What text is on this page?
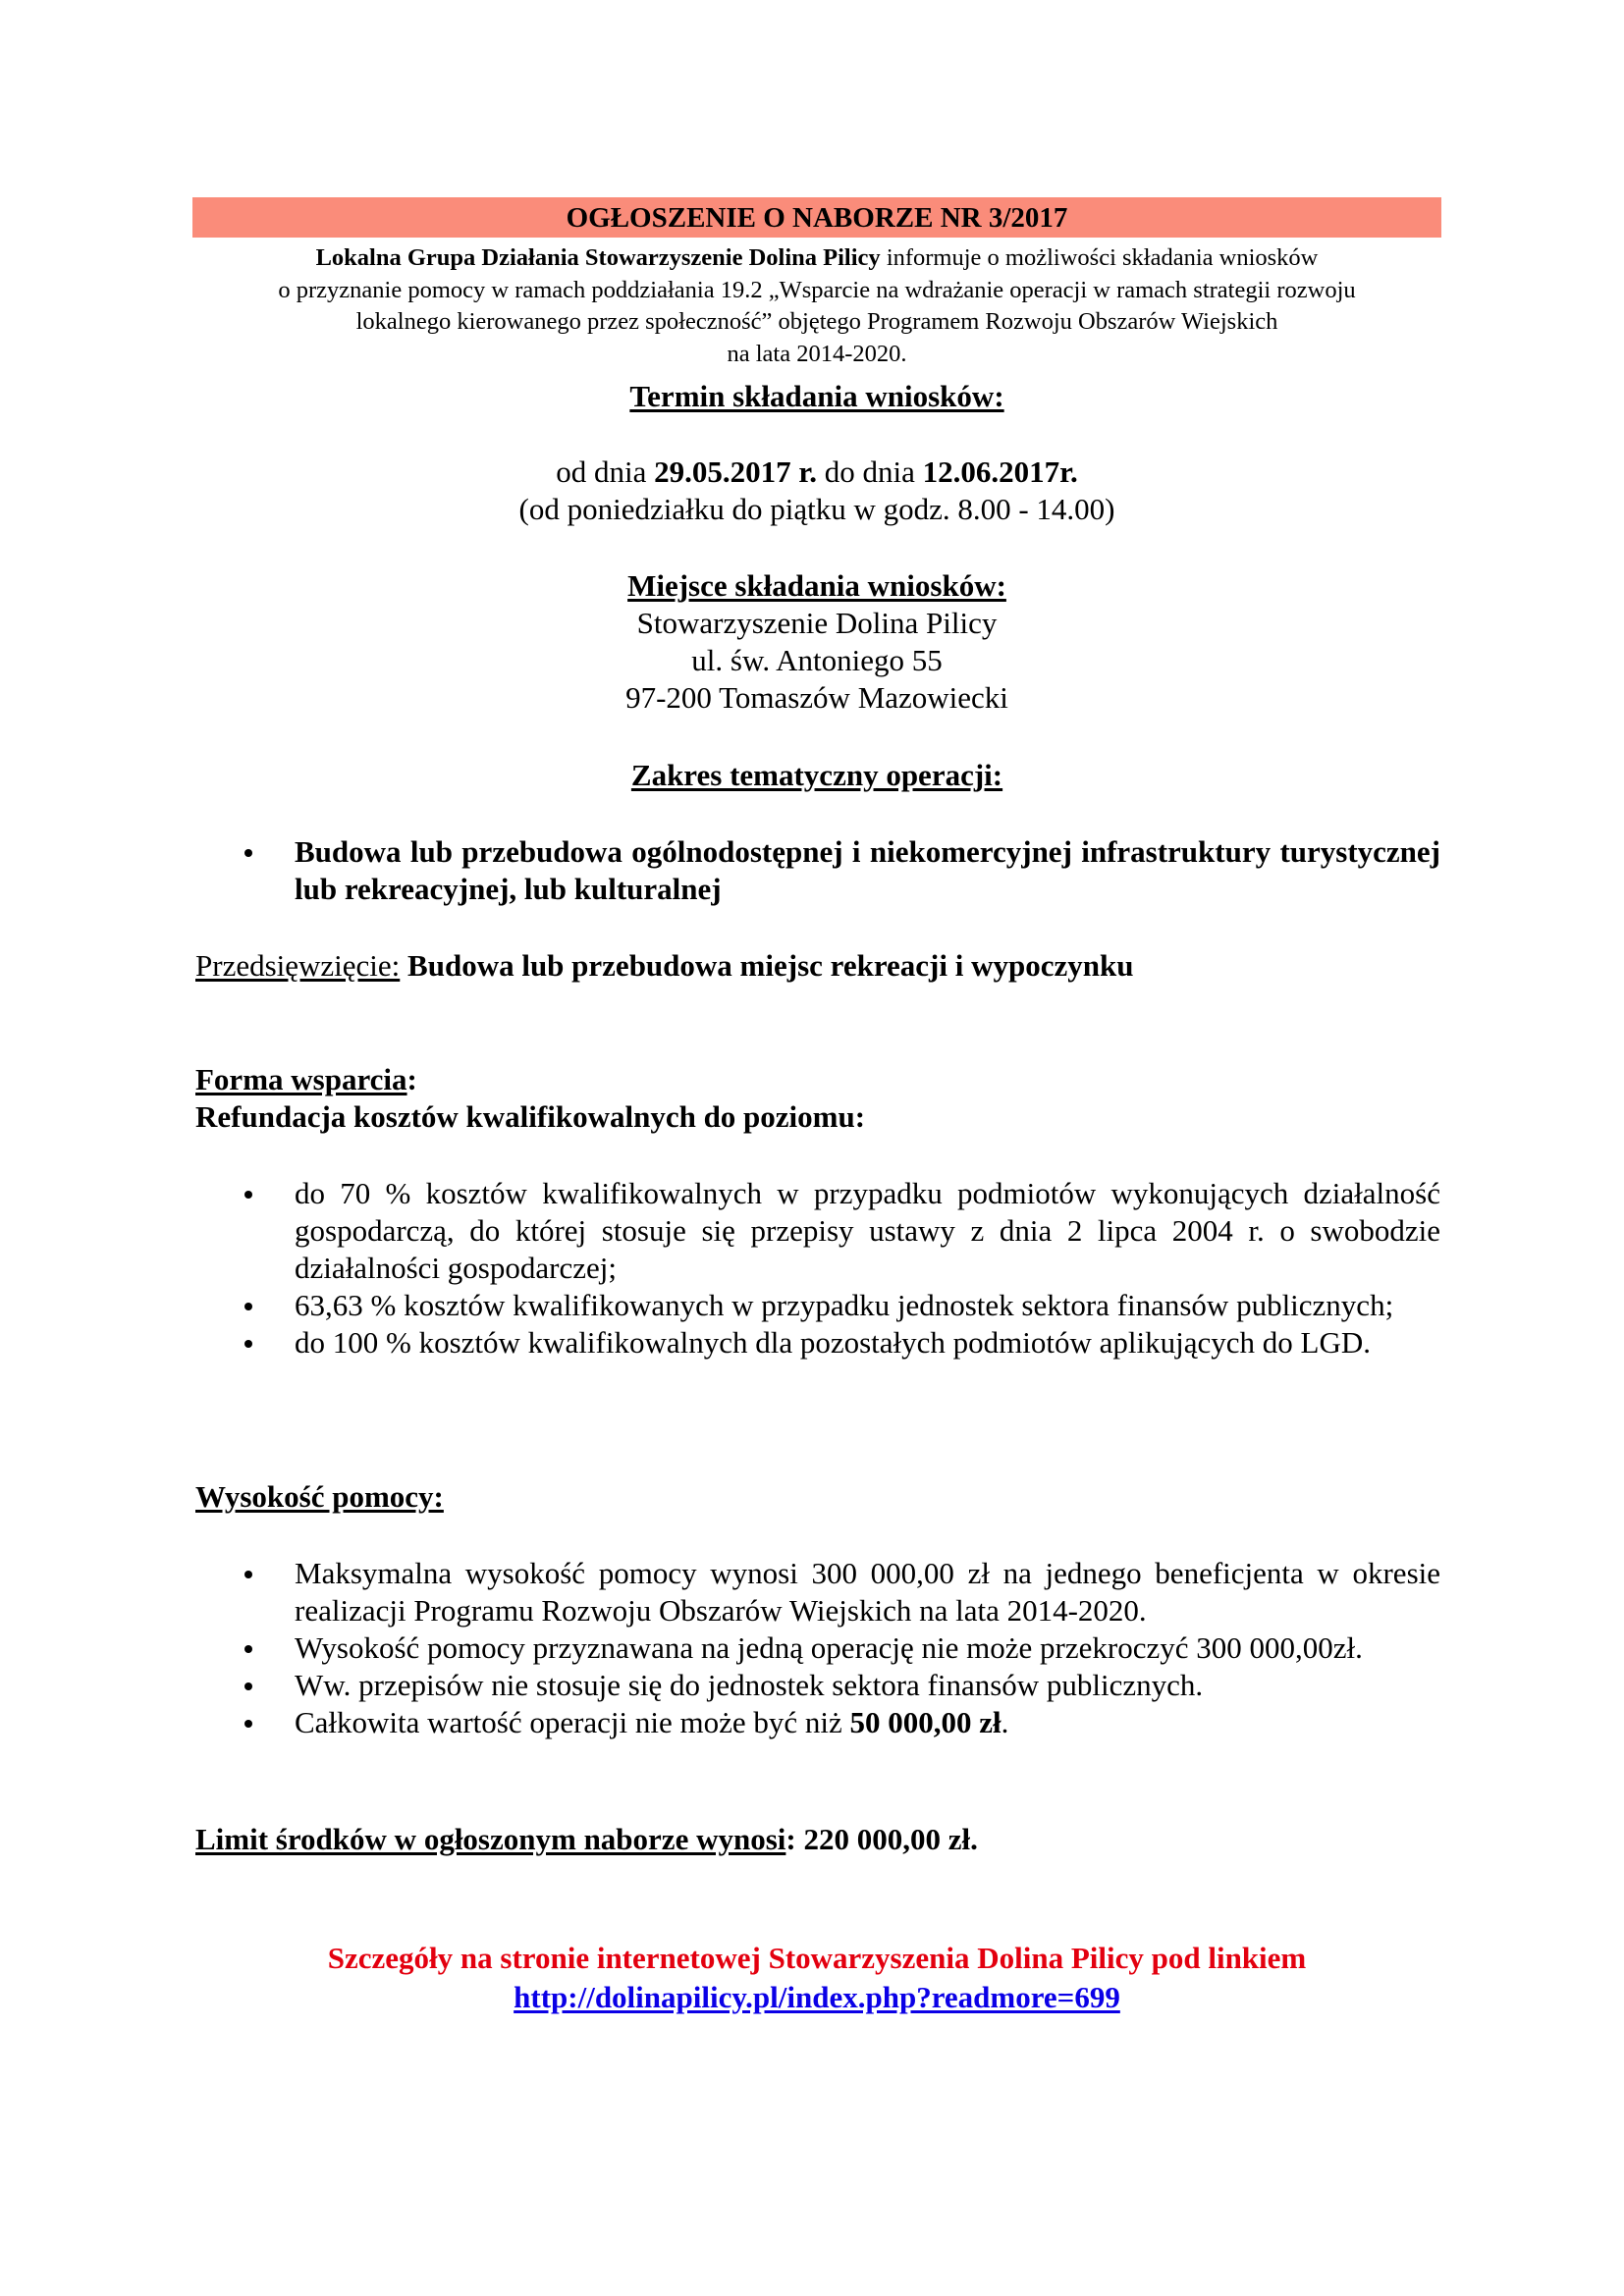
OGŁOSZENIE O NABORZE NR 3/2017
Lokalna Grupa Działania Stowarzyszenie Dolina Pilicy informuje o możliwości składania wniosków
o przyznanie pomocy w ramach poddziałania 19.2 „Wsparcie na wdrażanie operacji w ramach strategii rozwoju
lokalnego kierowanego przez społeczność” objętego Programem Rozwoju Obszarów Wiejskich
na lata 2014-2020.
Termin składania wniosków:
od dnia 29.05.2017 r. do dnia 12.06.2017r.
(od poniedziałku do piątku w godz. 8.00 - 14.00)
Miejsce składania wniosków:
Stowarzyszenie Dolina Pilicy
ul. św. Antoniego 55
97-200 Tomaszów Mazowiecki
Zakres tematyczny operacji:
Budowa lub przebudowa ogólnodostępnej i niekomercyjnej infrastruktury turystycznej lub rekreacyjnej, lub kulturalnej
Przedsięwzięcie: Budowa lub przebudowa miejsc rekreacji i wypoczynku
Forma wsparcia:
Refundacja kosztów kwalifikowalnych do poziomu:
do 70 % kosztów kwalifikowalnych w przypadku podmiotów wykonujących działalność gospodarczą, do której stosuje się przepisy ustawy z dnia 2 lipca 2004 r. o swobodzie działalności gospodarczej;
63,63 % kosztów kwalifikowanych w przypadku jednostek sektora finansów publicznych;
do 100 % kosztów kwalifikowalnych dla pozostałych podmiotów aplikujących do LGD.
Wysokość pomocy:
Maksymalna wysokość pomocy wynosi 300 000,00 zł na jednego beneficjenta w okresie realizacji Programu Rozwoju Obszarów Wiejskich na lata 2014-2020.
Wysokość pomocy przyznawana na jedną operację nie może przekroczyć 300 000,00zł.
Ww. przepisów nie stosuje się do jednostek sektora finansów publicznych.
Całkowita wartość operacji nie może być niż 50 000,00 zł.
Limit środków w ogłoszonym naborze wynosi: 220 000,00 zł.
Szczegóły na stronie internetowej Stowarzyszenia Dolina Pilicy pod linkiem
http://dolinapilicy.pl/index.php?readmore=699
